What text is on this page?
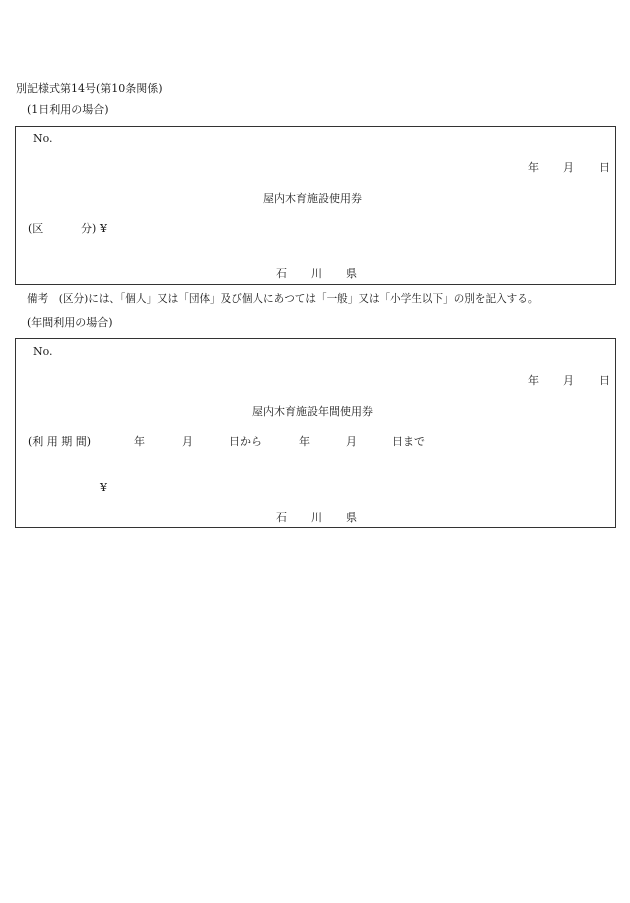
別記様式第14号(第10条関係)
(1日利用の場合)
No.
年 月 日
屋内木育施設使用券
(区	分) ¥
石 川 県
備考　(区分)には、「個人」又は「団体」及び個人にあつては「一般」又は「小学生以下」の別を記入する。
(年間利用の場合)
No.
年 月 日
屋内木育施設年間使用券
(利 用 期 間)	年	月	日から	年	月	日まで
¥
石 川 県
